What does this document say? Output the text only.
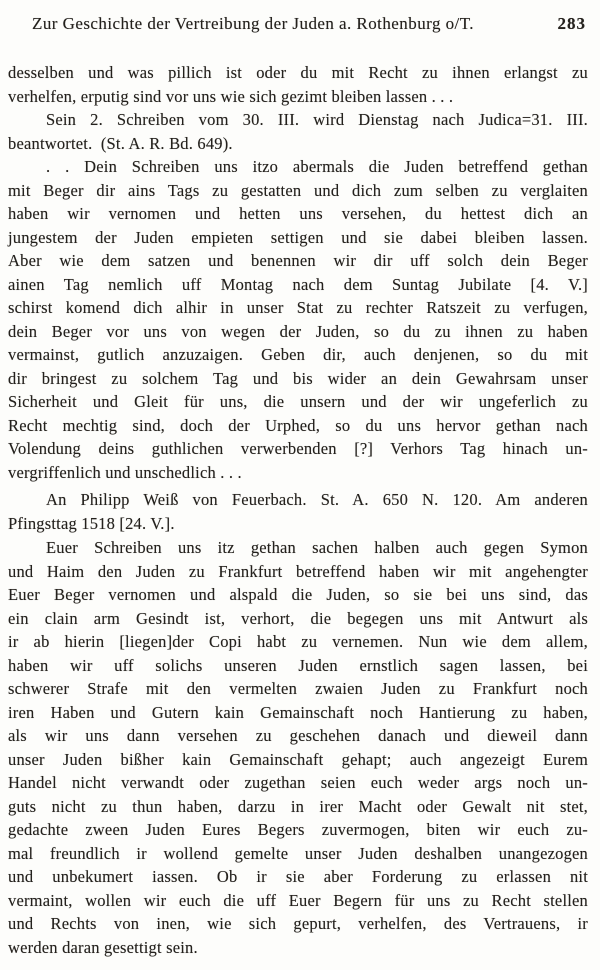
Zur Geschichte der Vertreibung der Juden a. Rothenburg o/T.	283

desselben und was pillich ist oder du mit Recht zu ihnen erlangst zu
verhelfen, erputig sind vor uns wie sich gezimt bleiben lassen . . .

Sein 2. Schreiben vom 30. III. wird Dienstag nach Judica=31. III.
beantwortet. (St. A. R. Bd. 649).

. . Dein Schreiben uns itzo abermals die Juden betreffend gethan
mit Beger dir ains Tags zu gestatten und dich zum selben zu verglaiten
haben wir vernomen und hetten uns versehen, du hettest dich an
jungestem der Juden empieten settigen und sie dabei bleiben lassen.
Aber wie dem satzen und benennen wir dir uff solch dein Beger
ainen Tag nemlich uff Montag nach dem Suntag Jubilate [4. V.]
schirst komend dich alhir in unser Stat zu rechter Ratszeit zu verfugen,
dein Beger vor uns von wegen der Juden, so du zu ihnen zu haben
vermainst, gutlich anzuzaigen. Geben dir, auch denjenen, so du mit
dir bringest zu solchem Tag und bis wider an dein Gewahrsam unser
Sicherheit und Gleit für uns, die unsern und der wir ungeferlich zu
Recht mechtig sind, doch der Urphed, so du uns hervor gethan nach
Volendung deins guthlichen verwerbenden [?] Verhors Tag hinach un-
vergriffenlich und unschedlich . . .

An Philipp Weiß von Feuerbach. St. A. 650 N. 120. Am anderen
Pfingsttag 1518 [24. V.].

Euer Schreiben uns itz gethan sachen halben auch gegen Symon
und Haim den Juden zu Frankfurt betreffend haben wir mit angehengter
Euer Beger vernomen und alspald die Juden, so sie bei uns sind, das
ein clain arm Gesindt ist, verhort, die begegen uns mit Antwurt als
ir ab hierin [liegen]der Copi habt zu vernemen. Nun wie dem allem,
haben wir uff solichs unseren Juden ernstlich sagen lassen, bei
schwerer Strafe mit den vermelten zwaien Juden zu Frankfurt noch
iren Haben und Gutern kain Gemainschaft noch Hantierung zu haben,
als wir uns dann versehen zu geschehen danach und dieweil dann
unser Juden bißher kain Gemainschaft gehapt; auch angezeigt Eurem
Handel nicht verwandt oder zugethan seien euch weder args noch un-
guts nicht zu thun haben, darzu in irer Macht oder Gewalt nit stet,
gedachte zween Juden Eures Begers zuvermogen, biten wir euch zu-
mal freundlich ir wollend gemelte unser Juden deshalben unangezogen
und unbekumert iassen. Ob ir sie aber Forderung zu erlassen nit
vermaint, wollen wir euch die uff Euer Begern für uns zu Recht stellen
und Rechts von inen, wie sich gepurt, verhelfen, des Vertrauens, ir
werden daran gesettigt sein.
